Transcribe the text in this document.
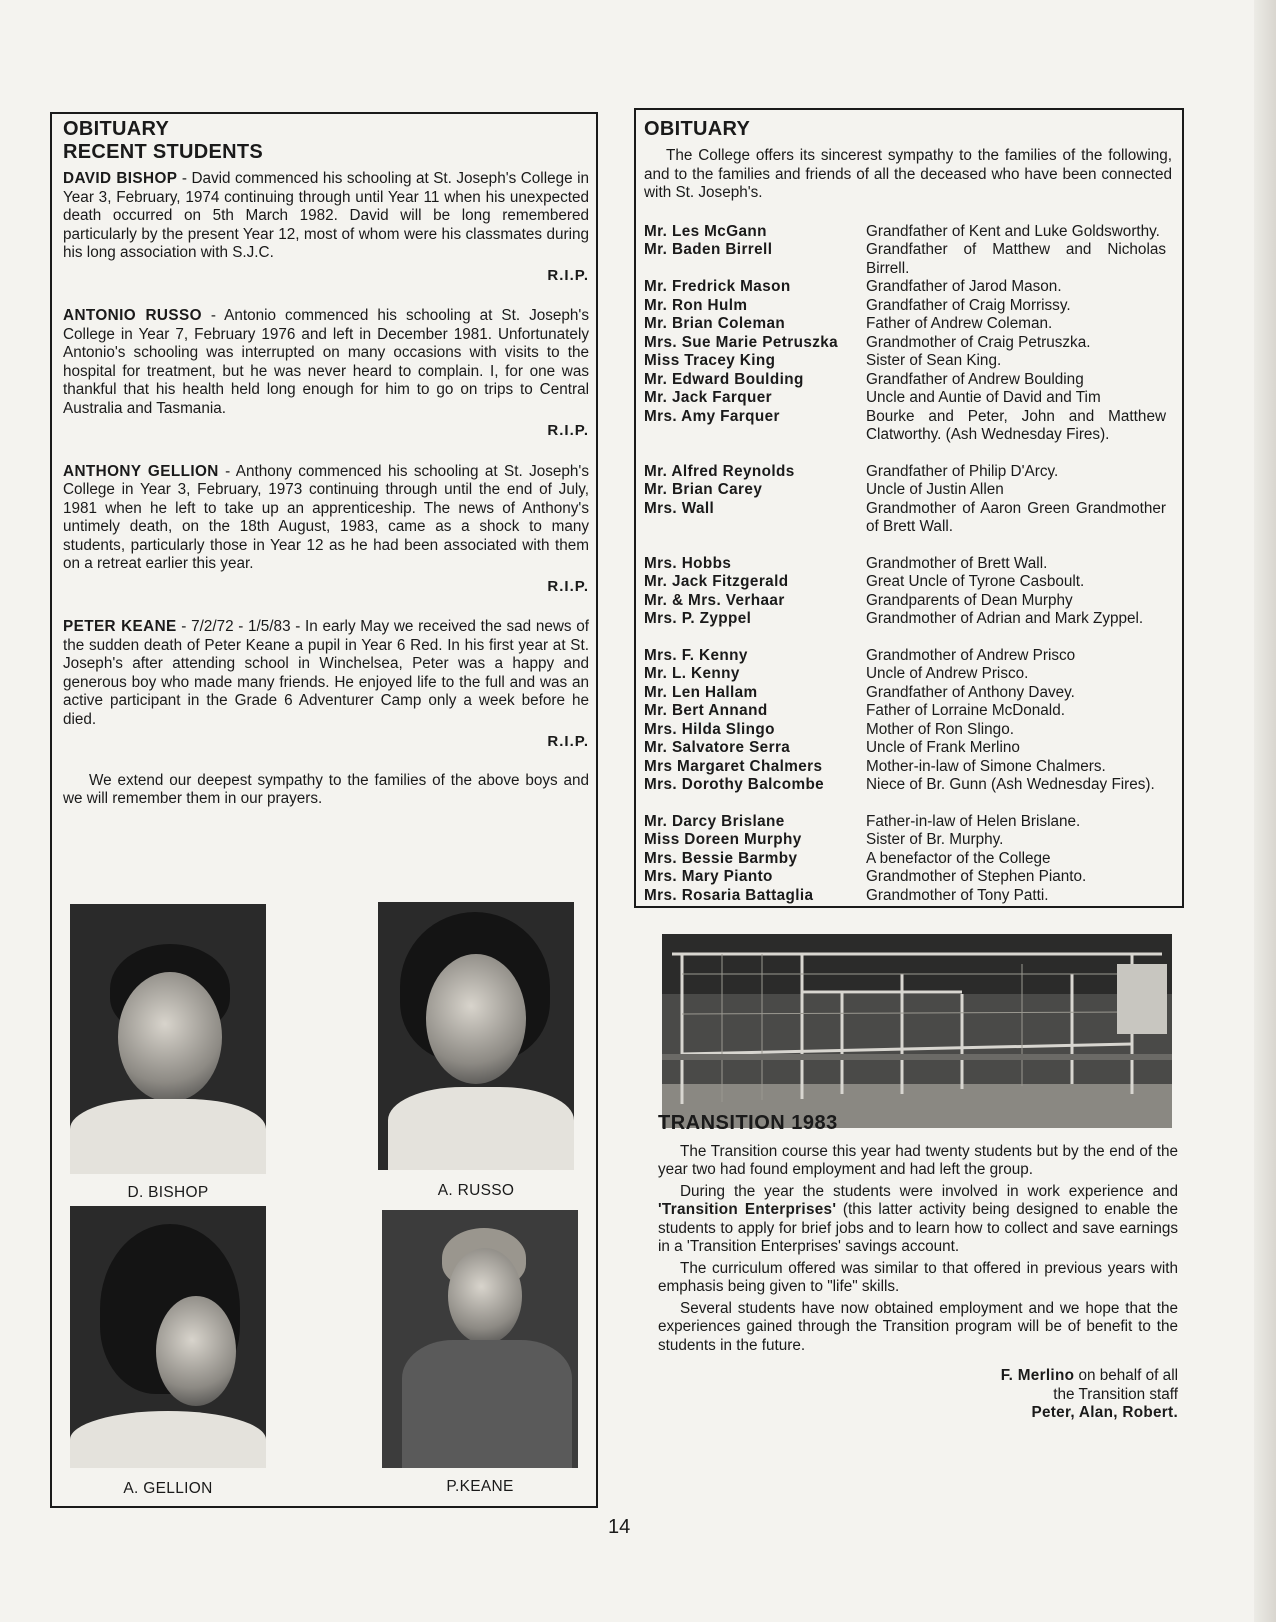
OBITUARY
RECENT STUDENTS

DAVID BISHOP - David commenced his schooling at St. Joseph's College in Year 3, February, 1974 continuing through until Year 11 when his unexpected death occurred on 5th March 1982. David will be long remembered particularly by the present Year 12, most of whom were his classmates during his long association with S.J.C.

R.I.P.

ANTONIO RUSSO - Antonio commenced his schooling at St. Joseph's College in Year 7, February 1976 and left in December 1981. Unfortunately Antonio's schooling was interrupted on many occasions with visits to the hospital for treatment, but he was never heard to complain. I, for one was thankful that his health held long enough for him to go on trips to Central Australia and Tasmania.

R.I.P.

ANTHONY GELLION - Anthony commenced his schooling at St. Joseph's College in Year 3, February, 1973 continuing through until the end of July, 1981 when he left to take up an apprenticeship. The news of Anthony's untimely death, on the 18th August, 1983, came as a shock to many students, particularly those in Year 12 as he had been associated with them on a retreat earlier this year.

R.I.P.

PETER KEANE - 7/2/72 - 1/5/83 - In early May we received the sad news of the sudden death of Peter Keane a pupil in Year 6 Red. In his first year at St. Joseph's after attending school in Winchelsea, Peter was a happy and generous boy who made many friends. He enjoyed life to the full and was an active participant in the Grade 6 Adventurer Camp only a week before he died.

R.I.P.

We extend our deepest sympathy to the families of the above boys and we will remember them in our prayers.

D. BISHOP	A. RUSSO
A. GELLION	P.KEANE
OBITUARY

The College offers its sincerest sympathy to the families of the following, and to the families and friends of all the deceased who have been connected with St. Joseph's.

Mr. Les McGann	Grandfather of Kent and Luke Goldsworthy.
Mr. Baden Birrell	Grandfather of Matthew and Nicholas Birrell.
Mr. Fredrick Mason	Grandfather of Jarod Mason.
Mr. Ron Hulm	Grandfather of Craig Morrissy.
Mr. Brian Coleman	Father of Andrew Coleman.
Mrs. Sue Marie Petruszka	Grandmother of Craig Petruszka.
Miss Tracey King	Sister of Sean King.
Mr. Edward Boulding	Grandfather of Andrew Boulding
Mr. Jack Farquer	Uncle and Auntie of David and Tim
Mrs. Amy Farquer	Bourke and Peter, John and Matthew Clatworthy. (Ash Wednesday Fires).
Mr. Alfred Reynolds	Grandfather of Philip D'Arcy.
Mr. Brian Carey	Uncle of Justin Allen
Mrs. Wall	Grandmother of Aaron Green Grandmother of Brett Wall.
Mrs. Hobbs	Grandmother of Brett Wall.
Mr. Jack Fitzgerald	Great Uncle of Tyrone Casboult.
Mr. & Mrs. Verhaar	Grandparents of Dean Murphy
Mrs. P. Zyppel	Grandmother of Adrian and Mark Zyppel.
Mrs. F. Kenny	Grandmother of Andrew Prisco
Mr. L. Kenny	Uncle of Andrew Prisco.
Mr. Len Hallam	Grandfather of Anthony Davey.
Mr. Bert Annand	Father of Lorraine McDonald.
Mrs. Hilda Slingo	Mother of Ron Slingo.
Mr. Salvatore Serra	Uncle of Frank Merlino
Mrs Margaret Chalmers	Mother-in-law of Simone Chalmers.
Mrs. Dorothy Balcombe	Niece of Br. Gunn (Ash Wednesday Fires).
Mr. Darcy Brislane	Father-in-law of Helen Brislane.
Miss Doreen Murphy	Sister of Br. Murphy.
Mrs. Bessie Barmby	A benefactor of the College
Mrs. Mary Pianto	Grandmother of Stephen Pianto.
Mrs. Rosaria Battaglia	Grandmother of Tony Patti.
TRANSITION 1983

The Transition course this year had twenty students but by the end of the year two had found employment and had left the group.

During the year the students were involved in work experience and 'Transition Enterprises' (this latter activity being designed to enable the students to apply for brief jobs and to learn how to collect and save earnings in a 'Transition Enterprises' savings account.

The curriculum offered was similar to that offered in previous years with emphasis being given to "life" skills.

Several students have now obtained employment and we hope that the experiences gained through the Transition program will be of benefit to the students in the future.

F. Merlino on behalf of all
the Transition staff
Peter, Alan, Robert.
14
